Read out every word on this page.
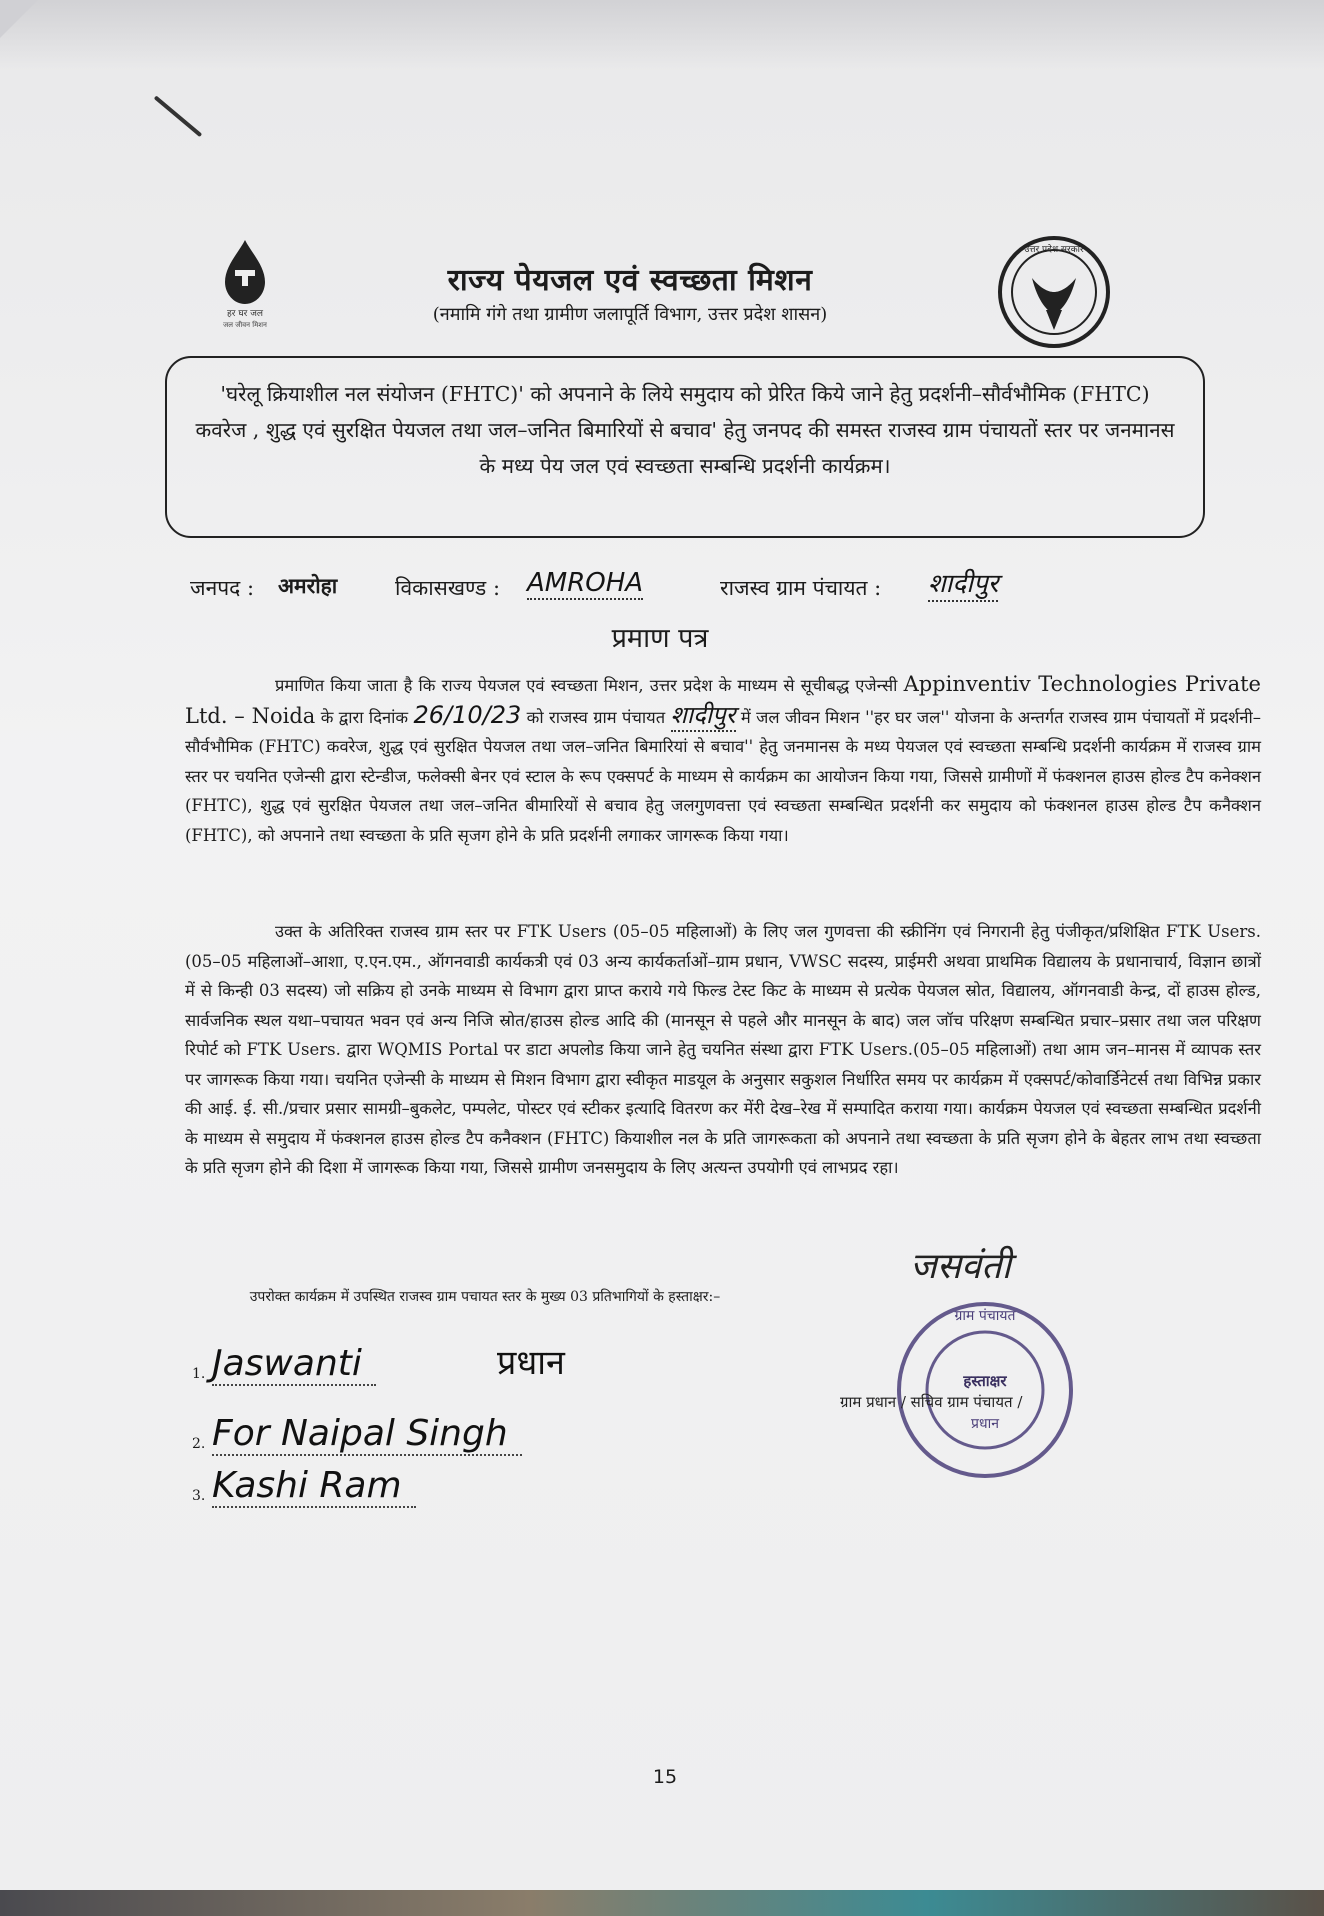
हर घर जल
जल जीवन मिशन
उत्तर प्रदेश सरकार
राज्य पेयजल एवं स्वच्छता मिशन
(नमामि गंगे तथा ग्रामीण जलापूर्ति विभाग, उत्तर प्रदेश शासन)
'घरेलू क्रियाशील नल संयोजन (FHTC)' को अपनाने के लिये समुदाय को प्रेरित किये जाने हेतु प्रदर्शनी–सौर्वभौमिक (FHTC) कवरेज , शुद्ध एवं सुरक्षित पेयजल तथा जल–जनित बिमारियों से बचाव' हेतु जनपद की समस्त राजस्व ग्राम पंचायतों स्तर पर जनमानस के मध्य पेय जल एवं स्वच्छता सम्बन्धि प्रदर्शनी कार्यक्रम।
जनपद : अमरोहा	विकासखण्ड : AMROHA	राजस्व ग्राम पंचायत : शादीपुर
प्रमाण पत्र
प्रमाणित किया जाता है कि राज्य पेयजल एवं स्वच्छता मिशन, उत्तर प्रदेश के माध्यम से सूचीबद्ध एजेन्सी Appinventiv Technologies Private Ltd. – Noida के द्वारा दिनांक 26/10/23 को राजस्व ग्राम पंचायत शादीपुर में जल जीवन मिशन ''हर घर जल'' योजना के अन्तर्गत राजस्व ग्राम पंचायतों में प्रदर्शनी–सौर्वभौमिक (FHTC) कवरेज, शुद्ध एवं सुरक्षित पेयजल तथा जल–जनित बिमारियां से बचाव'' हेतु जनमानस के मध्य पेयजल एवं स्वच्छता सम्बन्धि प्रदर्शनी कार्यक्रम में राजस्व ग्राम स्तर पर चयनित एजेन्सी द्वारा स्टेन्डीज, फलेक्सी बेनर एवं स्टाल के रूप एक्सपर्ट के माध्यम से कार्यक्रम का आयोजन किया गया, जिससे ग्रामीणों में फंक्शनल हाउस होल्ड टैप कनेक्शन (FHTC), शुद्ध एवं सुरक्षित पेयजल तथा जल–जनित बीमारियों से बचाव हेतु जलगुणवत्ता एवं स्वच्छता सम्बन्धित प्रदर्शनी कर समुदाय को फंक्शनल हाउस होल्ड टैप कनैक्शन (FHTC), को अपनाने तथा स्वच्छता के प्रति सृजग होने के प्रति प्रदर्शनी लगाकर जागरूक किया गया।
उक्त के अतिरिक्त राजस्व ग्राम स्तर पर FTK Users (05–05 महिलाओं) के लिए जल गुणवत्ता की स्क्रीनिंग एवं निगरानी हेतु पंजीकृत/प्रशिक्षित FTK Users.(05–05 महिलाओं–आशा, ए.एन.एम., ऑगनवाडी कार्यकत्री एवं 03 अन्य कार्यकर्ताओं–ग्राम प्रधान, VWSC सदस्य, प्राईमरी अथवा प्राथमिक विद्यालय के प्रधानाचार्य, विज्ञान छात्रों में से किन्ही 03 सदस्य) जो सक्रिय हो उनके माध्यम से विभाग द्वारा प्राप्त कराये गये फिल्ड टेस्ट किट के माध्यम से प्रत्येक पेयजल स्रोत, विद्यालय, ऑगनवाडी केन्द्र, दों हाउस होल्ड, सार्वजनिक स्थल यथा–पचायत भवन एवं अन्य निजि स्रोत/हाउस होल्ड आदि की (मानसून से पहले और मानसून के बाद) जल जॉच परिक्षण सम्बन्धित प्रचार–प्रसार तथा जल परिक्षण रिपोर्ट को FTK Users. द्वारा WQMIS Portal पर डाटा अपलोड किया जाने हेतु चयनित संस्था द्वारा FTK Users.(05–05 महिलाओं) तथा आम जन–मानस में व्यापक स्तर पर जागरूक किया गया। चयनित एजेन्सी के माध्यम से मिशन विभाग द्वारा स्वीकृत माडयूल के अनुसार सकुशल निर्धारित समय पर कार्यक्रम में एक्सपर्ट/कोवार्डिनेटर्स तथा विभिन्न प्रकार की आई. ई. सी./प्रचार प्रसार सामग्री–बुकलेट, पम्पलेट, पोस्टर एवं स्टीकर इत्यादि वितरण कर मेंरी देख–रेख में सम्पादित कराया गया। कार्यक्रम पेयजल एवं स्वच्छता सम्बन्धित प्रदर्शनी के माध्यम से समुदाय में फंक्शनल हाउस होल्ड टैप कनैक्शन (FHTC) कियाशील नल के प्रति जागरूकता को अपनाने तथा स्वच्छता के प्रति सृजग होने के बेहतर लाभ तथा स्वच्छता के प्रति सृजग होने की दिशा में जागरूक किया गया, जिससे ग्रामीण जनसमुदाय के लिए अत्यन्त उपयोगी एवं लाभप्रद रहा।
उपरोक्त कार्यक्रम में उपस्थित राजस्व ग्राम पचायत स्तर के मुख्य 03 प्रतिभागियों के हस्ताक्षर:–
1. Jaswanti	प्रधान
2. For Naipal Singh
3. Kashi Ram
जसवंती
ग्राम पंचायत
हस्ताक्षर
प्रधान
ग्राम प्रधान / सचिव ग्राम पंचायत /
15
